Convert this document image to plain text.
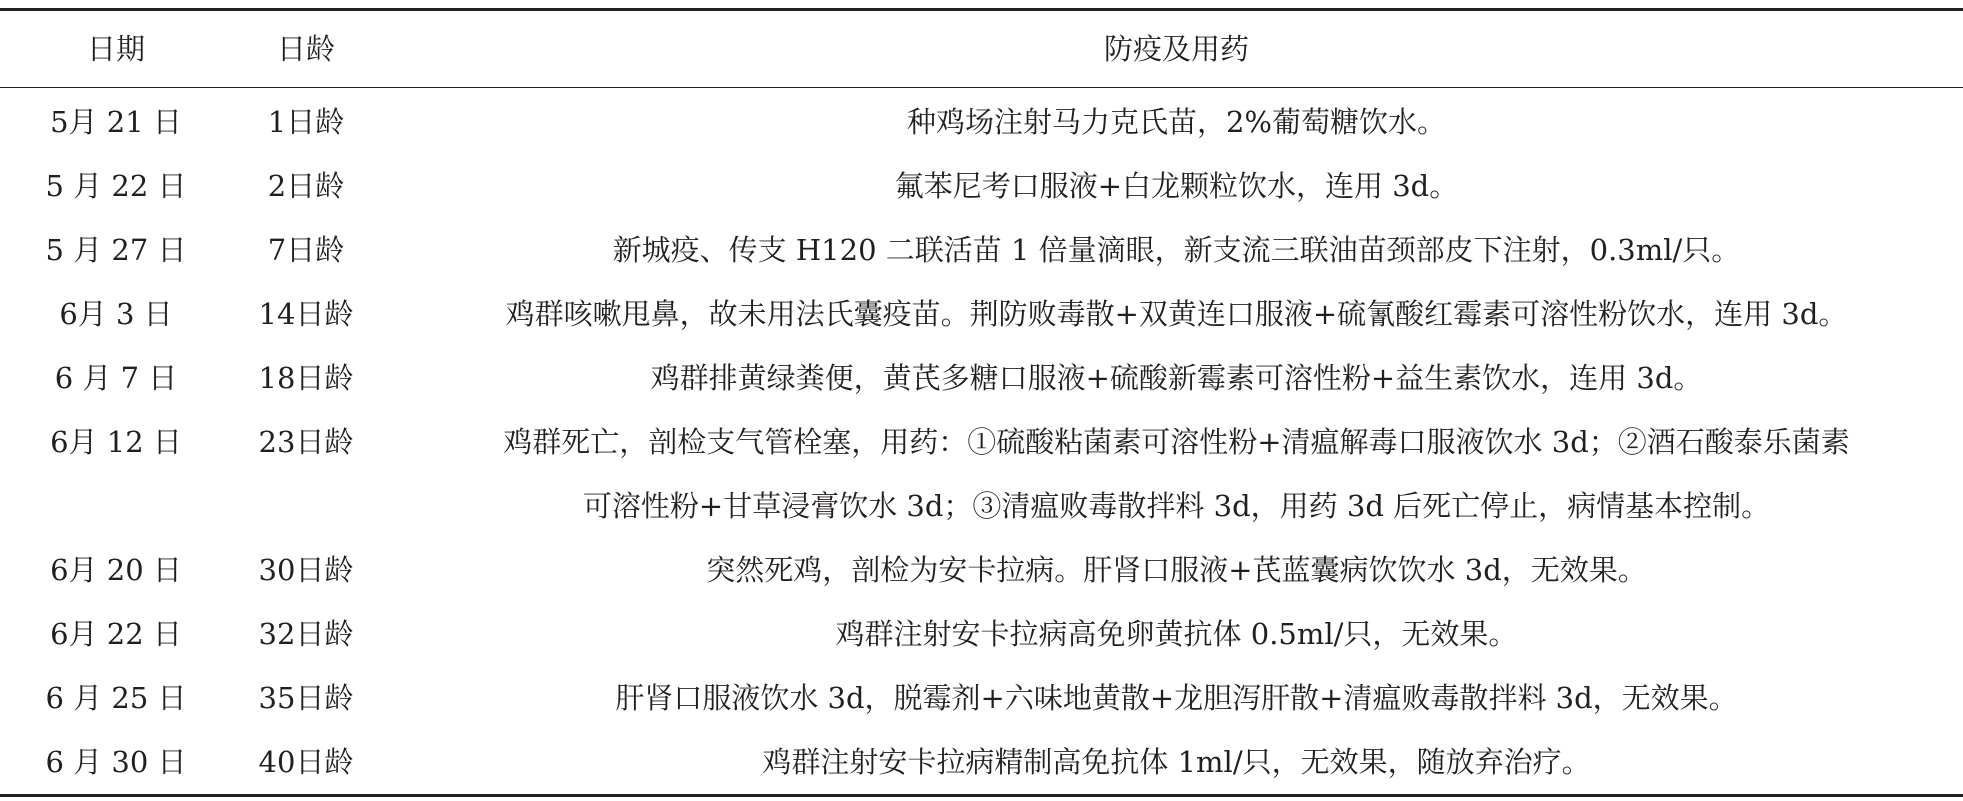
日期	日龄	防疫及用药
5月 21 日	1日龄	种鸡场注射马力克氏苗，2%葡萄糖饮水。

5 月 22 日	2日龄	氟苯尼考口服液+白龙颗粒饮水，连用 3d。

5 月 27 日	7日龄	新城疫、传支 H120 二联活苗 1 倍量滴眼，新支流三联油苗颈部皮下注射，0.3ml/只。

6月 3 日	14日龄	鸡群咳嗽甩鼻，故未用法氏囊疫苗。荆防败毒散+双黄连口服液+硫氰酸红霉素可溶性粉饮水，连用 3d。

6 月 7 日	18日龄	鸡群排黄绿粪便，黄芪多糖口服液+硫酸新霉素可溶性粉+益生素饮水，连用 3d。

6月 12 日	23日龄	鸡群死亡，剖检支气管栓塞，用药：①硫酸粘菌素可溶性粉+清瘟解毒口服液饮水 3d；②酒石酸泰乐菌素
可溶性粉+甘草浸膏饮水 3d；③清瘟败毒散拌料 3d，用药 3d 后死亡停止，病情基本控制。

6月 20 日	30日龄	突然死鸡，剖检为安卡拉病。肝肾口服液+芪蓝囊病饮饮水 3d，无效果。

6月 22 日	32日龄	鸡群注射安卡拉病高免卵黄抗体 0.5ml/只，无效果。

6 月 25 日	35日龄	肝肾口服液饮水 3d，脱霉剂+六味地黄散+龙胆泻肝散+清瘟败毒散拌料 3d，无效果。

6 月 30 日	40日龄	鸡群注射安卡拉病精制高免抗体 1ml/只，无效果，随放弃治疗。
